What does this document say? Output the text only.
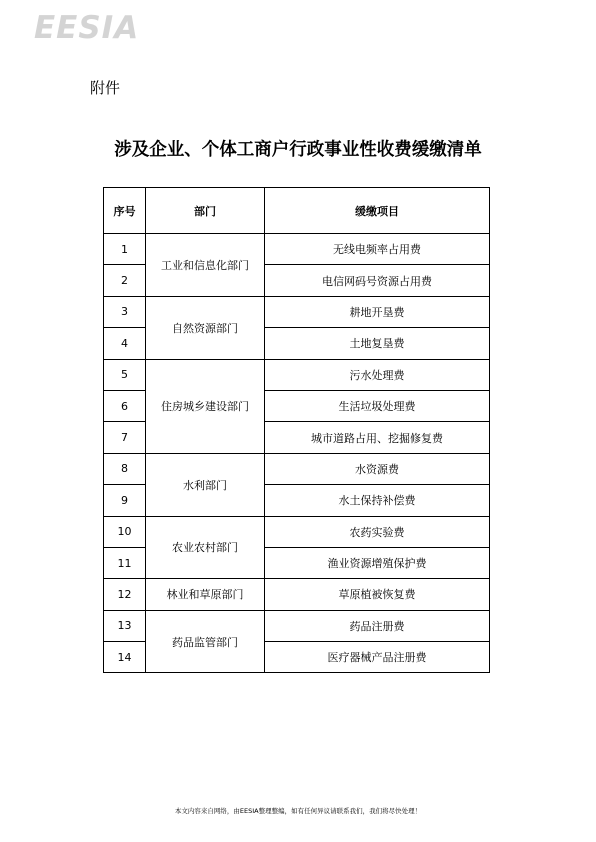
EESIA
附件
涉及企业、个体工商户行政事业性收费缓缴清单
序号	部门	缓缴项目
1	工业和信息化部门	无线电频率占用费
2		电信网码号资源占用费
3	自然资源部门	耕地开垦费
4		土地复垦费
5	住房城乡建设部门	污水处理费
6		生活垃圾处理费
7		城市道路占用、挖掘修复费
8	水利部门	水资源费
9		水土保持补偿费
10	农业农村部门	农药实验费
11		渔业资源增殖保护费
12	林业和草原部门	草原植被恢复费
13	药品监管部门	药品注册费
14		医疗器械产品注册费
本文内容来自网络，由EESIA整理整编，如有任何异议请联系我们，我们将尽快处理！
